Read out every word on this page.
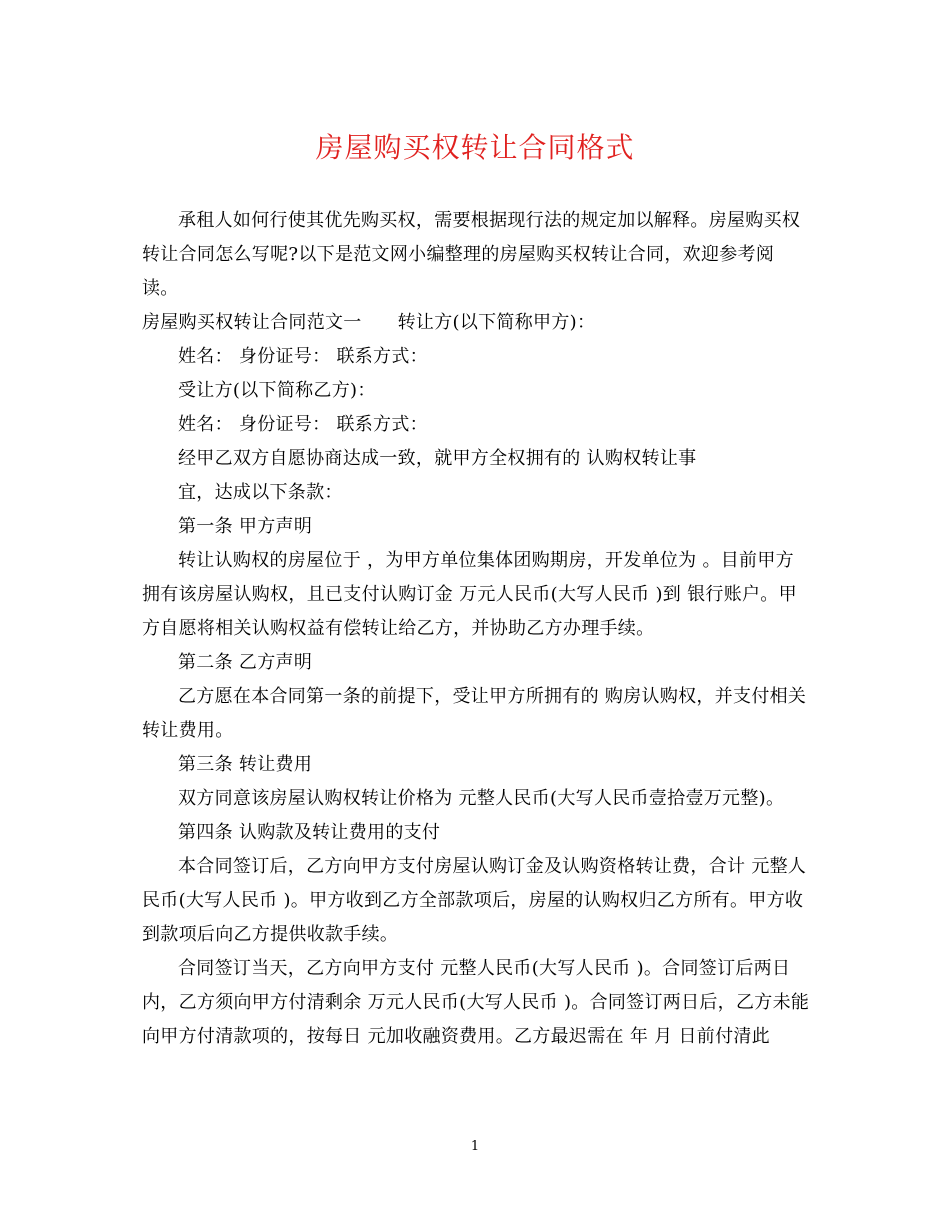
房屋购买权转让合同格式

承租人如何行使其优先购买权，需要根据现行法的规定加以解释。房屋购买权转让合同怎么写呢?以下是范文网小编整理的房屋购买权转让合同，欢迎参考阅读。

房屋购买权转让合同范文一 转让方(以下简称甲方)：

姓名： 身份证号： 联系方式：

受让方(以下简称乙方)：

姓名： 身份证号： 联系方式：

经甲乙双方自愿协商达成一致，就甲方全权拥有的 认购权转让事

宜，达成以下条款：

第一条 甲方声明

转让认购权的房屋位于 ，为甲方单位集体团购期房，开发单位为 。目前甲方拥有该房屋认购权，且已支付认购订金 万元人民币(大写人民币 )到 银行账户。甲方自愿将相关认购权益有偿转让给乙方，并协助乙方办理手续。

第二条 乙方声明

乙方愿在本合同第一条的前提下，受让甲方所拥有的 购房认购权，并支付相关转让费用。

第三条 转让费用

双方同意该房屋认购权转让价格为 元整人民币(大写人民币壹拾壹万元整)。

第四条 认购款及转让费用的支付

本合同签订后，乙方向甲方支付房屋认购订金及认购资格转让费，合计 元整人民币(大写人民币 )。甲方收到乙方全部款项后，房屋的认购权归乙方所有。甲方收到款项后向乙方提供收款手续。

合同签订当天，乙方向甲方支付 元整人民币(大写人民币 )。合同签订后两日内，乙方须向甲方付清剩余 万元人民币(大写人民币 )。合同签订两日后，乙方未能向甲方付清款项的，按每日 元加收融资费用。乙方最迟需在 年 月 日前付清此

1
